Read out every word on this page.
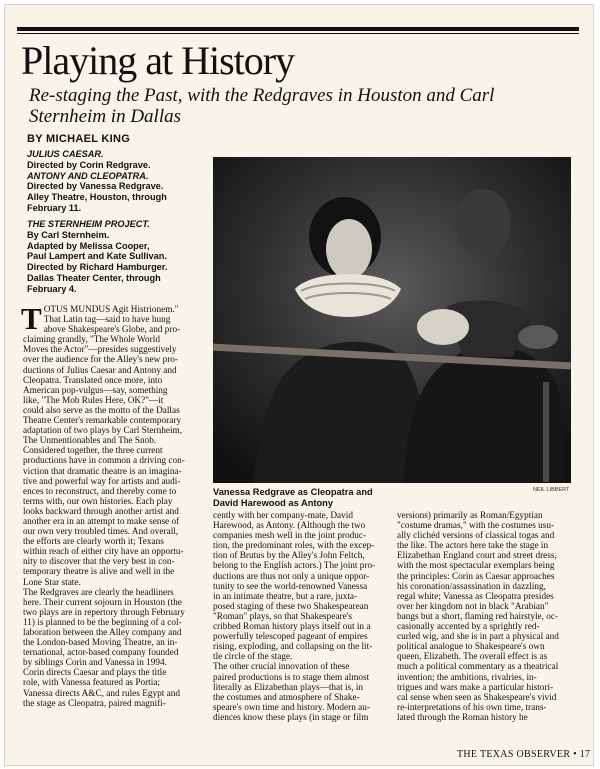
Playing at History
Re-staging the Past, with the Redgraves in Houston and Carl Sternheim in Dallas
BY MICHAEL KING
JULIUS CAESAR.
Directed by Corin Redgrave.
ANTONY AND CLEOPATRA.
Directed by Vanessa Redgrave.
Alley Theatre, Houston, through
February 11.
THE STERNHEIM PROJECT.
By Carl Sternheim.
Adapted by Melissa Cooper,
Paul Lampert and Kate Sullivan.
Directed by Richard Hamburger.
Dallas Theater Center, through
February 4.
Vanessa Redgrave as Cleopatra and
David Harewood as Antony
NEIL LIBBERT
T OTUS MUNDUS Agit Histrionem."
That Latin tag—said to have hung
above Shakespeare's Globe, and pro-
claiming grandly, "The Whole World
Moves the Actor"—presides suggestively
over the audience for the Alley's new pro-
ductions of Julius Caesar and Antony and
Cleopatra. Translated once more, into
American pop-vulgus—say, something
like, "The Mob Rules Here, OK?"—it
could also serve as the motto of the Dallas
Theatre Center's remarkable contemporary
adaptation of two plays by Carl Sternheim,
The Unmentionables and The Snob.
Considered together, the three current
productions have in common a driving con-
viction that dramatic theatre is an imagina-
tive and powerful way for artists and audi-
ences to reconstruct, and thereby come to
terms with, our own histories. Each play
looks backward through another artist and
another era in an attempt to make sense of
our own very troubled times. And overall,
the efforts are clearly worth it; Texans
within reach of either city have an opportu-
nity to discover that the very best in con-
temporary theatre is alive and well in the
Lone Star state.
The Redgraves are clearly the headliners
here. Their current sojourn in Houston (the
two plays are in repertory through February
11) is planned to be the beginning of a col-
laboration between the Alley company and
the London-based Moving Theatre, an in-
ternational, actor-based company founded
by siblings Corin and Vanessa in 1994.
Corin directs Caesar and plays the title
role, with Vanessa featured as Portia;
Vanessa directs A&C, and rules Egypt and
the stage as Cleopatra, paired magnifi-
cently with her company-mate, David
Harewood, as Antony. (Although the two
companies mesh well in the joint produc-
tion, the predominant roles, with the excep-
tion of Brutus by the Alley's John Feltch,
belong to the English actors.) The joint pro-
ductions are thus not only a unique oppor-
tunity to see the world-renowned Vanessa
in an intimate theatre, but a rare, juxta-
posed staging of these two Shakespearean
"Roman" plays, so that Shakespeare's
cribbed Roman history plays itself out in a
powerfully telescoped pageant of empires
rising, exploding, and collapsing on the lit-
tle circle of the stage.
The other crucial innovation of these
paired productions is to stage them almost
literally as Elizabethan plays—that is, in
the costumes and atmosphere of Shake-
speare's own time and history. Modern au-
diences know these plays (in stage or film
versions) primarily as Roman/Egyptian
"costume dramas," with the costumes usu-
ally clichéd versions of classical togas and
the like. The actors here take the stage in
Elizabethan England court and street dress,
with the most spectacular exemplars being
the principles: Corin as Caesar approaches
his coronation/assassination in dazzling,
regal white; Vanessa as Cleopatra presides
over her kingdom not in black "Arabian"
bangs but a short, flaming red hairstyle, oc-
casionally accented by a sprightly red-
curled wig, and she is in part a physical and
political analogue to Shakespeare's own
queen, Elizabeth. The overall effect is as
much a political commentary as a theatrical
invention; the ambitions, rivalries, in-
trigues and wars make a particular histori-
cal sense when seen as Shakespeare's vivid
re-interpretations of his own time, trans-
lated through the Roman history he
THE TEXAS OBSERVER • 17
